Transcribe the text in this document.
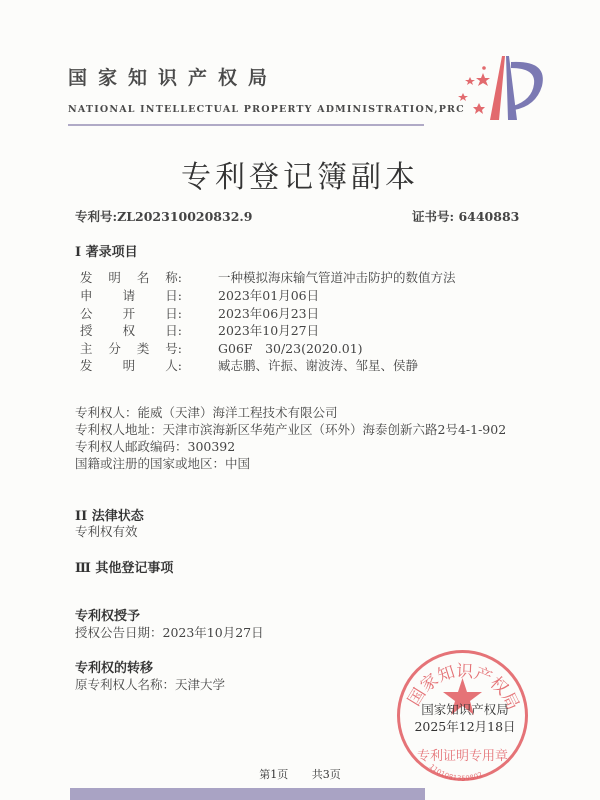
国家知识产权局
NATIONAL INTELLECTUAL PROPERTY ADMINISTRATION,PRC
专利登记簿副本
专利号:ZL202310020832.9	证书号: 6440883
I 著录项目
发 明 名 称:	一种模拟海床输气管道冲击防护的数值方法
申 请 日:	2023年01月06日
公 开 日:	2023年06月23日
授 权 日:	2023年10月27日
主 分 类 号:	G06F　30/23(2020.01)
发 明 人:	臧志鹏、许振、谢波涛、邹星、侯静
专利权人：能威（天津）海洋工程技术有限公司
专利权人地址：天津市滨海新区华苑产业区（环外）海泰创新六路2号4-1-902
专利权人邮政编码：300392
国籍或注册的国家或地区：中国
II 法律状态
专利权有效
Ⅲ 其他登记事项
专利权授予
授权公告日期：2023年10月27日
专利权的转移
原专利权人名称：天津大学
国家知识产权局
专利证明专用章
1101081359802
国家知识产权局
2025年12月18日
第1页 共3页
